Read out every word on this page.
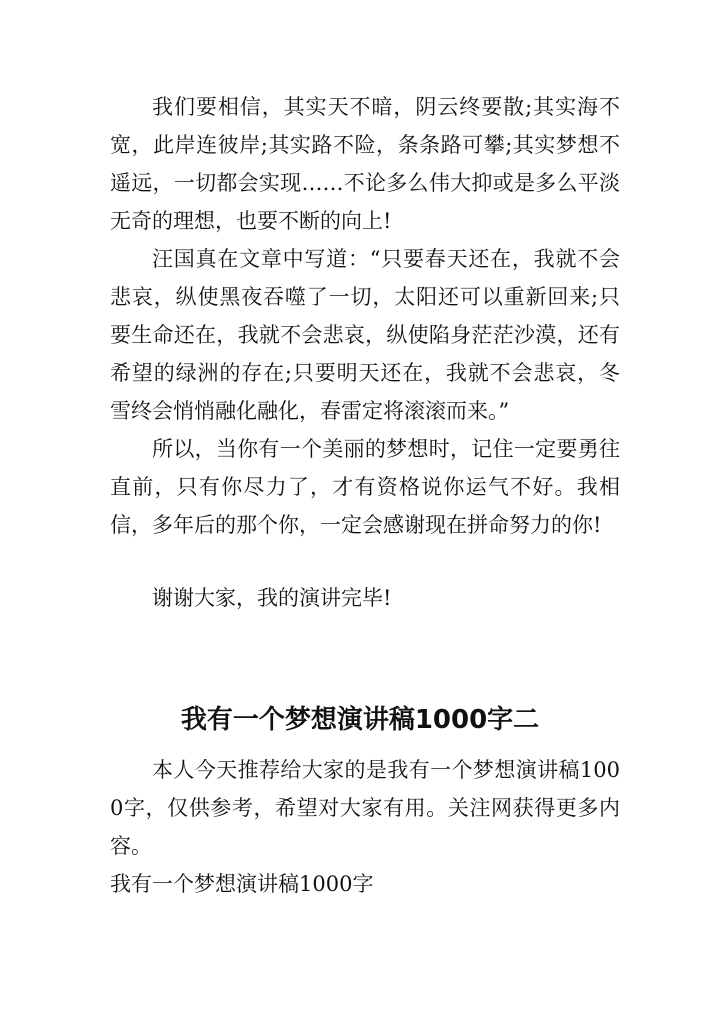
我们要相信，其实天不暗，阴云终要散;其实海不宽，此岸连彼岸;其实路不险，条条路可攀;其实梦想不遥远，一切都会实现……不论多么伟大抑或是多么平淡无奇的理想，也要不断的向上!

汪国真在文章中写道：“只要春天还在，我就不会悲哀，纵使黑夜吞噬了一切，太阳还可以重新回来;只要生命还在，我就不会悲哀，纵使陷身茫茫沙漠，还有希望的绿洲的存在;只要明天还在，我就不会悲哀，冬雪终会悄悄融化融化，春雷定将滚滚而来。”

所以，当你有一个美丽的梦想时，记住一定要勇往直前，只有你尽力了，才有资格说你运气不好。我相信，多年后的那个你，一定会感谢现在拼命努力的你!

谢谢大家，我的演讲完毕!

我有一个梦想演讲稿1000字二

本人今天推荐给大家的是我有一个梦想演讲稿1000字，仅供参考，希望对大家有用。关注网获得更多内容。

我有一个梦想演讲稿1000字
